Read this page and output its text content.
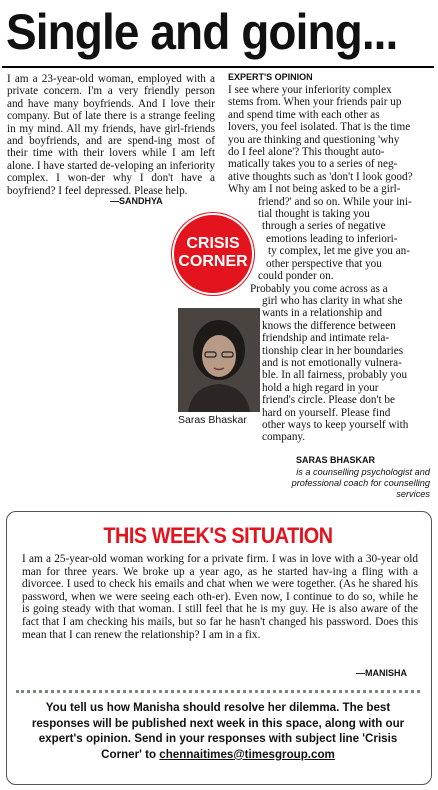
Single and going...
I am a 23-year-old woman, employed with a private concern. I'm a very friendly person and have many boyfriends. And I love their company. But of late there is a strange feeling in my mind. All my friends, have girl-friends and boyfriends, and are spend-ing most of their time with their lovers while I am left alone. I have started de-veloping an inferiority complex. I won-der why I don't have a boyfriend? I feel depressed. Please help.
—SANDHYA
EXPERT'S OPINION
I see where your inferiority complex
stems from. When your friends pair up
and spend time with each other as
lovers, you feel isolated. That is the time
you are thinking and questioning 'why
do I feel alone'? This thought auto-
matically takes you to a series of neg-
ative thoughts such as 'don't I look good?
Why am I not being asked to be a girl-
friend?' and so on. While your ini-
tial thought is taking you
through a series of negative
emotions leading to inferiori-
ty complex, let me give you an-
other perspective that you
could ponder on.
Probably you come across as a
girl who has clarity in what she
wants in a relationship and
knows the difference between
friendship and intimate rela-
tionship clear in her boundaries
and is not emotionally vulnera-
ble. In all fairness, probably you
hold a high regard in your
friend's circle. Please don't be
hard on yourself. Please find
other ways to keep yourself with
company.
CRISIS
CORNER
Saras Bhaskar
SARAS BHASKAR
is a counselling psychologist and professional coach for counselling services
THIS WEEK'S SITUATION
I am a 25-year-old woman working for a private firm. I was in love with a 30-year old man for three years. We broke up a year ago, as he started hav-ing a fling with a divorcee. I used to check his emails and chat when we were together. (As he shared his password, when we were seeing each oth-er). Even now, I continue to do so, while he is going steady with that woman. I still feel that he is my guy. He is also aware of the fact that I am checking his mails, but so far he hasn't changed his password. Does this mean that I can renew the relationship? I am in a fix.
—MANISHA
You tell us how Manisha should resolve her dilemma. The best responses will be published next week in this space, along with our expert's opinion. Send in your responses with subject line 'Crisis Corner' to chennaitimes@timesgroup.com
